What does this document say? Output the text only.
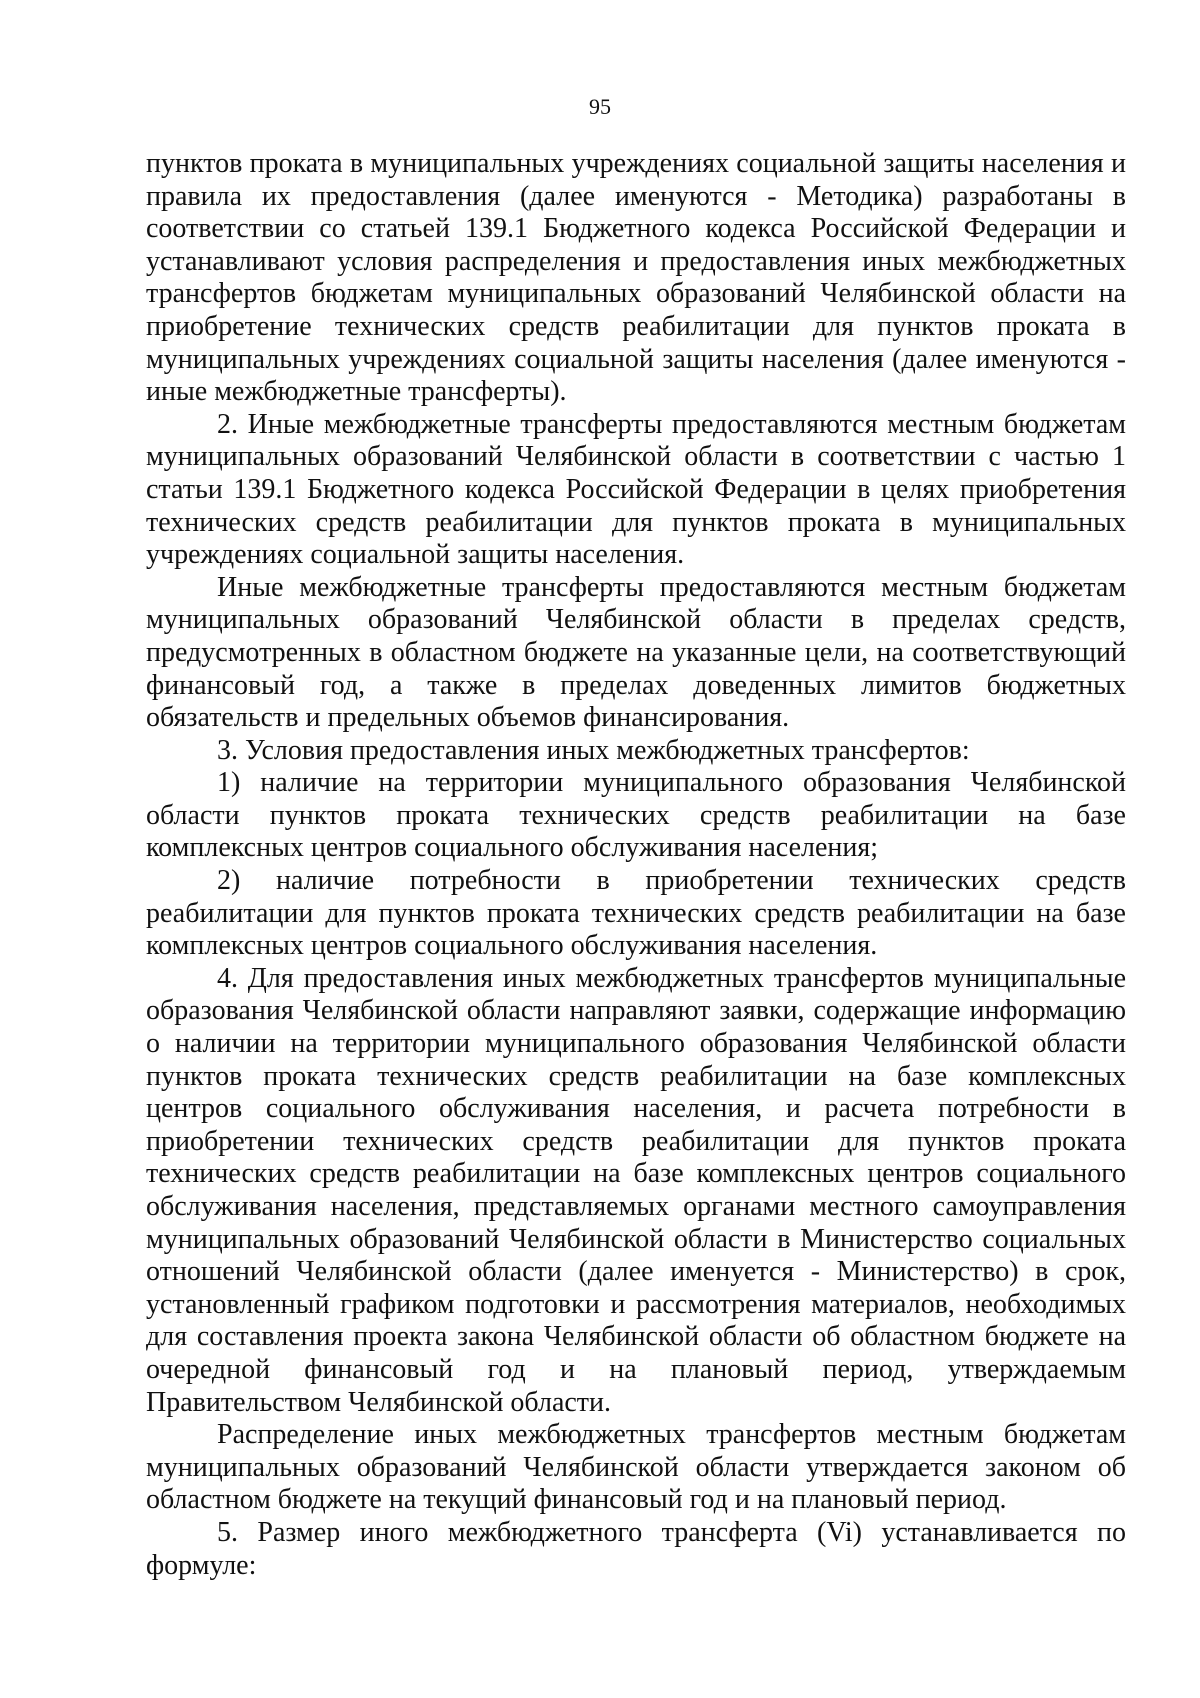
95

пунктов проката в муниципальных учреждениях социальной защиты населения и правила их предоставления (далее именуются - Методика) разработаны в соответствии со статьей 139.1 Бюджетного кодекса Российской Федерации и устанавливают условия распределения и предоставления иных межбюджетных трансфертов бюджетам муниципальных образований Челябинской области на приобретение технических средств реабилитации для пунктов проката в муниципальных учреждениях социальной защиты населения (далее именуются - иные межбюджетные трансферты).

2. Иные межбюджетные трансферты предоставляются местным бюджетам муниципальных образований Челябинской области в соответствии с частью 1 статьи 139.1 Бюджетного кодекса Российской Федерации в целях приобретения технических средств реабилитации для пунктов проката в муниципальных учреждениях социальной защиты населения.

Иные межбюджетные трансферты предоставляются местным бюджетам муниципальных образований Челябинской области в пределах средств, предусмотренных в областном бюджете на указанные цели, на соответствующий финансовый год, а также в пределах доведенных лимитов бюджетных обязательств и предельных объемов финансирования.

3. Условия предоставления иных межбюджетных трансфертов:

1) наличие на территории муниципального образования Челябинской области пунктов проката технических средств реабилитации на базе комплексных центров социального обслуживания населения;

2) наличие потребности в приобретении технических средств реабилитации для пунктов проката технических средств реабилитации на базе комплексных центров социального обслуживания населения.

4. Для предоставления иных межбюджетных трансфертов муниципальные образования Челябинской области направляют заявки, содержащие информацию о наличии на территории муниципального образования Челябинской области пунктов проката технических средств реабилитации на базе комплексных центров социального обслуживания населения, и расчета потребности в приобретении технических средств реабилитации для пунктов проката технических средств реабилитации на базе комплексных центров социального обслуживания населения, представляемых органами местного самоуправления муниципальных образований Челябинской области в Министерство социальных отношений Челябинской области (далее именуется - Министерство) в срок, установленный графиком подготовки и рассмотрения материалов, необходимых для составления проекта закона Челябинской области об областном бюджете на очередной финансовый год и на плановый период, утверждаемым Правительством Челябинской области.

Распределение иных межбюджетных трансфертов местным бюджетам муниципальных образований Челябинской области утверждается законом об областном бюджете на текущий финансовый год и на плановый период.

5. Размер иного межбюджетного трансферта (Vi) устанавливается по формуле:
